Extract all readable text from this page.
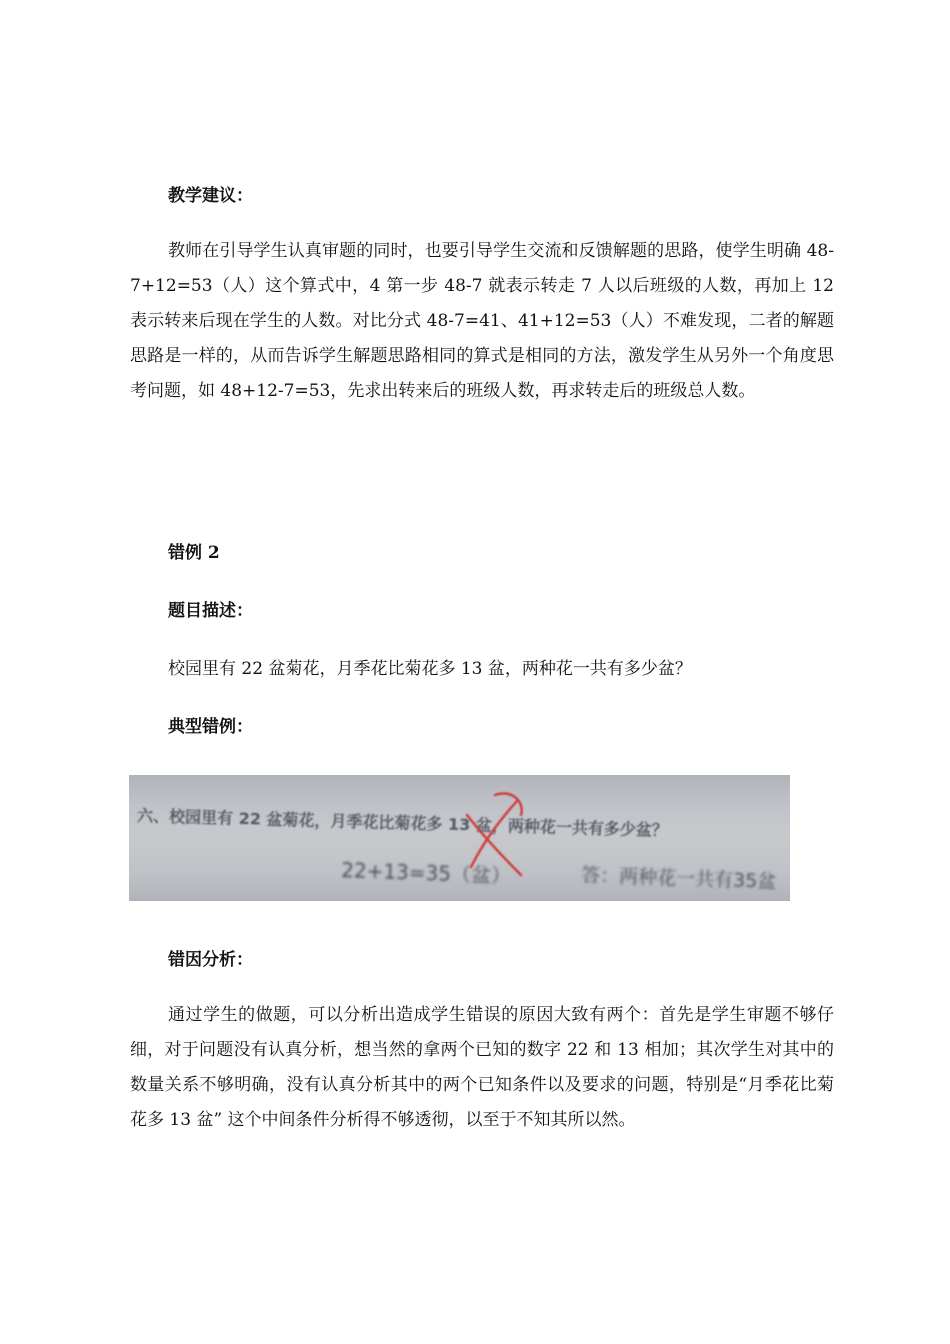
教学建议：

教师在引导学生认真审题的同时，也要引导学生交流和反馈解题的思路，使学生明确 48-7+12=53（人）这个算式中，4 第一步 48-7 就表示转走 7 人以后班级的人数，再加上 12 表示转来后现在学生的人数。对比分式 48-7=41、41+12=53（人）不难发现，二者的解题思路是一样的，从而告诉学生解题思路相同的算式是相同的方法，激发学生从另外一个角度思考问题，如 48+12-7=53，先求出转来后的班级人数，再求转走后的班级总人数。

错例 2
题目描述：
校园里有 22 盆菊花，月季花比菊花多 13 盆，两种花一共有多少盆？
典型错例：
六、校园里有 22 盆菊花，月季花比菊花多 13 盆，两种花一共有多少盆？
22+13=35（盆）	答：两种花一共有35盆
错因分析：

通过学生的做题，可以分析出造成学生错误的原因大致有两个：首先是学生审题不够仔细，对于问题没有认真分析，想当然的拿两个已知的数字 22 和 13 相加；其次学生对其中的数量关系不够明确，没有认真分析其中的两个已知条件以及要求的问题，特别是“月季花比菊花多 13 盆” 这个中间条件分析得不够透彻，以至于不知其所以然。
